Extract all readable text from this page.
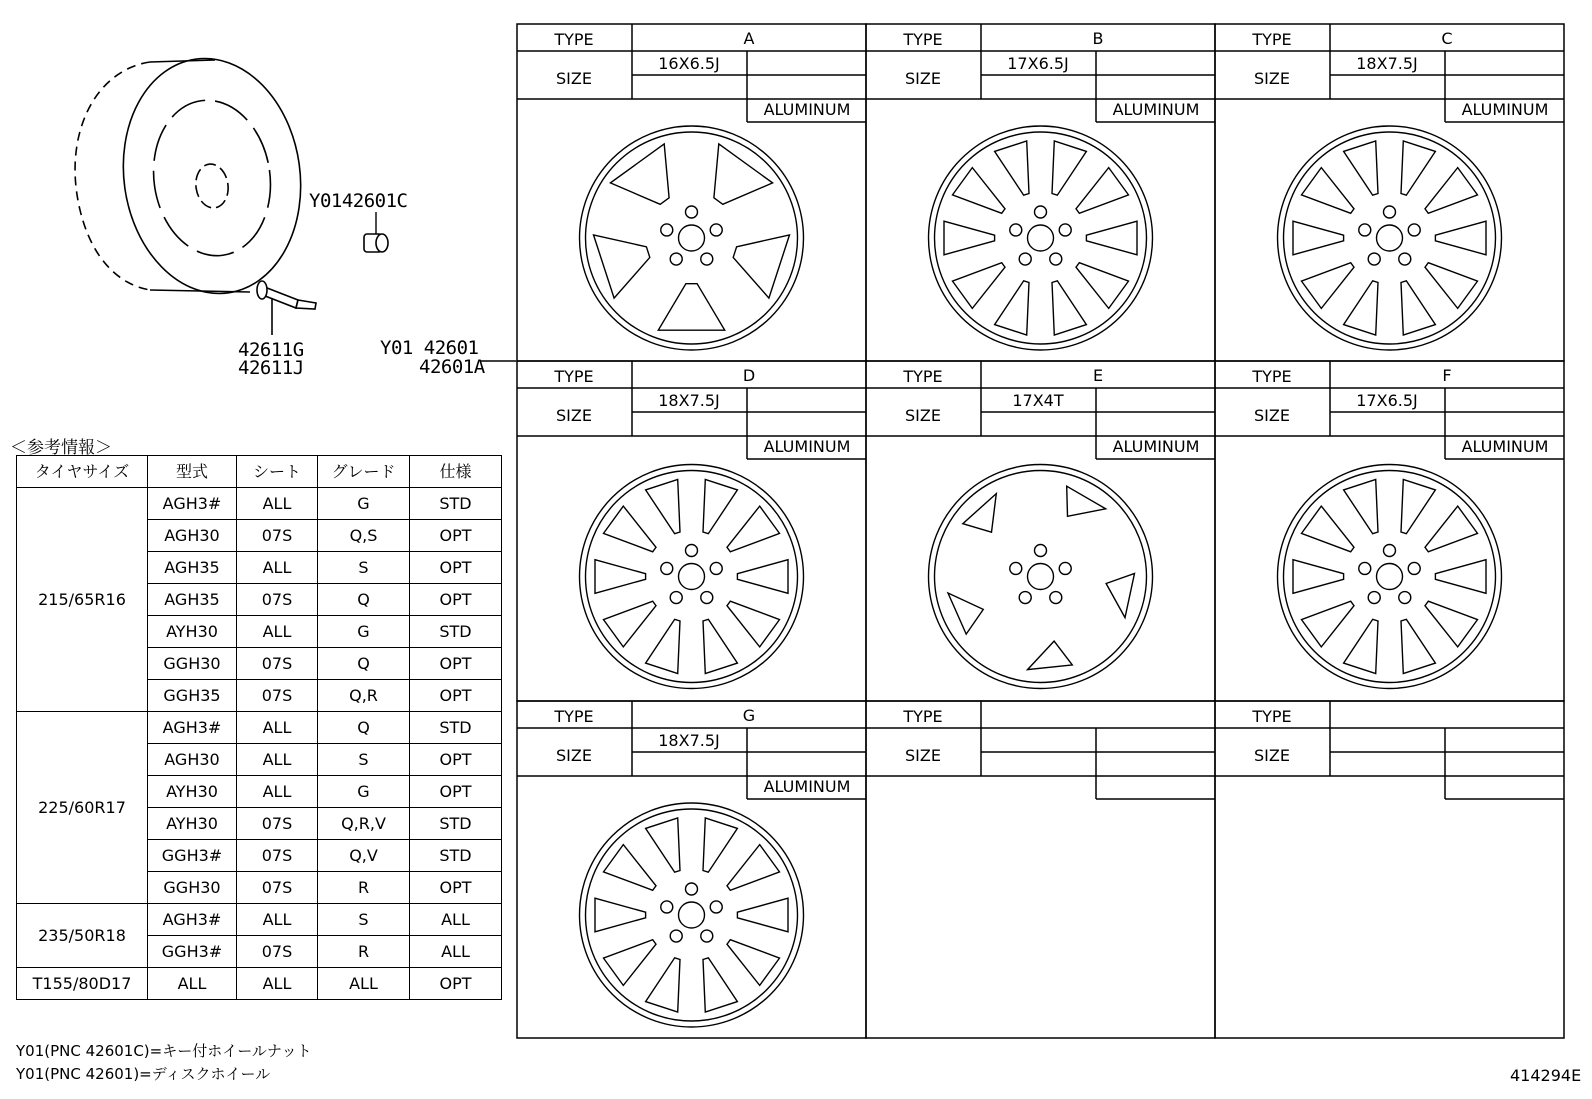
Y0142601C
42611G
42611J
Y01 42601
42601A
TYPE
SIZE
A
16X6.5J
ALUMINUM
TYPE
SIZE
B
17X6.5J
ALUMINUM
TYPE
SIZE
C
18X7.5J
ALUMINUM
TYPE
SIZE
D
18X7.5J
ALUMINUM
TYPE
SIZE
E
17X4T
ALUMINUM
TYPE
SIZE
F
17X6.5J
ALUMINUM
TYPE
SIZE
G
18X7.5J
ALUMINUM
TYPE
SIZE
TYPE
SIZE
＜参考情報＞
タイヤサイズ	型式	シート	グレード	仕様
215/65R16	AGH3#	ALL	G	STD
	AGH30	07S	Q,S	OPT
	AGH35	ALL	S	OPT
	AGH35	07S	Q	OPT
	AYH30	ALL	G	STD
	GGH30	07S	Q	OPT
	GGH35	07S	Q,R	OPT
225/60R17	AGH3#	ALL	Q	STD
	AGH30	ALL	S	OPT
	AYH30	ALL	G	OPT
	AYH30	07S	Q,R,V	STD
	GGH3#	07S	Q,V	STD
	GGH30	07S	R	OPT
235/50R18	AGH3#	ALL	S	ALL
	GGH3#	07S	R	ALL
T155/80D17	ALL	ALL	ALL	OPT
Y01(PNC 42601C)=キー付ホイールナット
Y01(PNC 42601)=ディスクホイール	414294E
